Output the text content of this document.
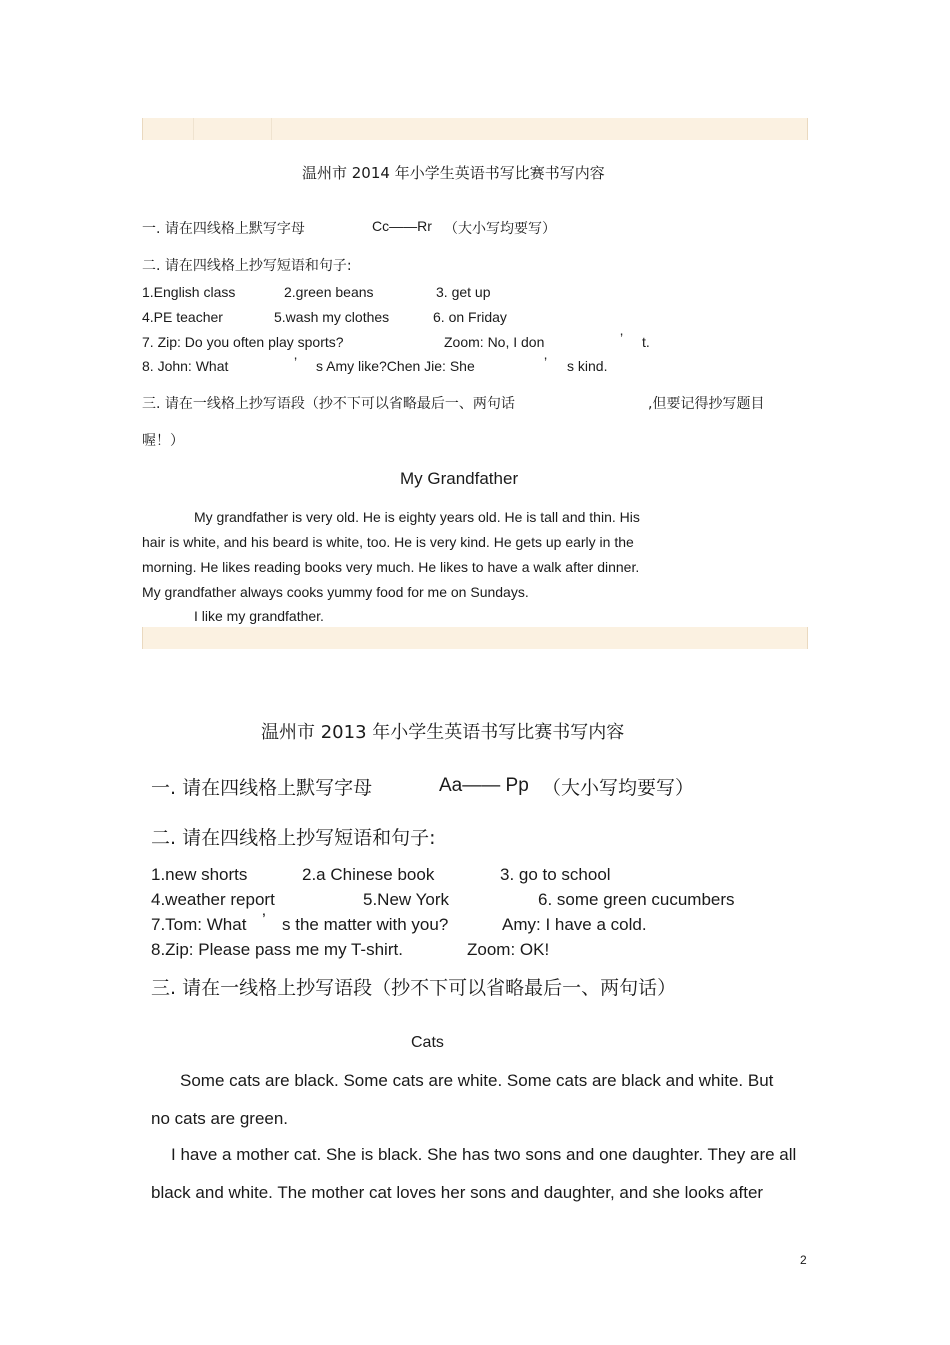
温州市 2014 年小学生英语书写比赛书写内容
一. 请在四线格上默写字母	Cc——Rr （大小写均要写）
二. 请在四线格上抄写短语和句子:
1.English class	2.green beans	3. get up
4.PE teacher	5.wash my clothes	6. on Friday
7. Zip: Do you often play sports?	Zoom: No, I don	’ t.
8. John: What	’ s Amy like?Chen Jie: She	’ s kind.
三. 请在一线格上抄写语段（抄不下可以省略最后一、两句话	,但要记得抄写题目
喔！）
My Grandfather
My grandfather is very old. He is eighty years old. He is tall and thin. His
hair is white, and his beard is white, too. He is very kind. He gets up early in the
morning. He likes reading books very much. He likes to have a walk after dinner.
My grandfather always cooks yummy food for me on Sundays.
I like my grandfather.
温州市 2013 年小学生英语书写比赛书写内容
一. 请在四线格上默写字母	Aa—— Pp （大小写均要写）
二. 请在四线格上抄写短语和句子:
1.new shorts	2.a Chinese book	3. go to school
4.weather report	5.New York	6. some green cucumbers
7.Tom: What ’ s the matter with you?	Amy: I have a cold.
8.Zip: Please pass me my T-shirt.	Zoom: OK!
三. 请在一线格上抄写语段（抄不下可以省略最后一、两句话）
Cats
Some cats are black. Some cats are white. Some cats are black and white. But
no cats are green.
I have a mother cat. She is black. She has two sons and one daughter. They are all
black and white. The mother cat loves her sons and daughter, and she looks after
2
